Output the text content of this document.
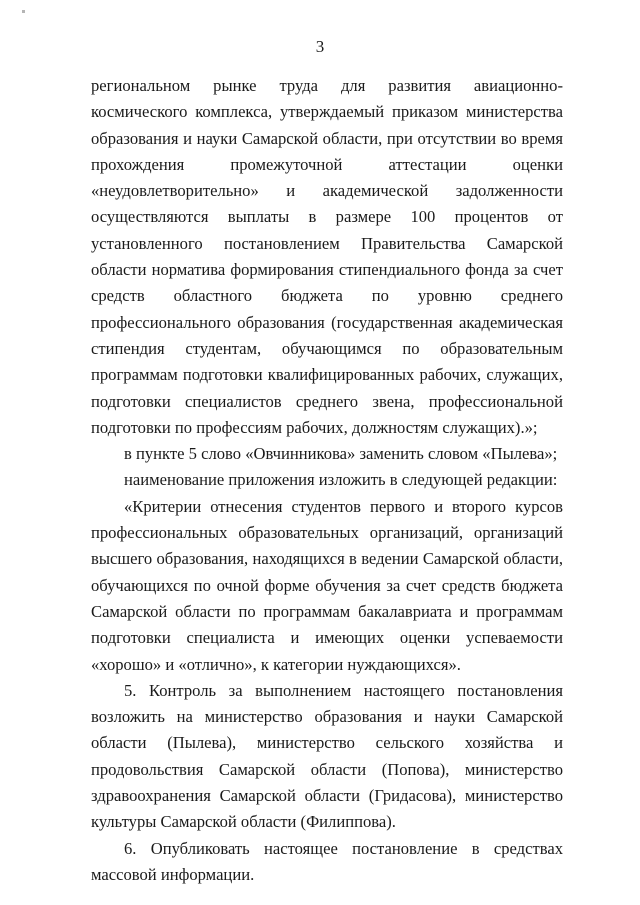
3

региональном рынке труда для развития авиационно-космического комплекса, утверждаемый приказом министерства образования и науки Самарской области, при отсутствии во время прохождения промежуточной аттестации оценки «неудовлетворительно» и академической задолженности осуществляются выплаты в размере 100 процентов от установленного постановлением Правительства Самарской области норматива формирования стипендиального фонда за счет средств областного бюджета по уровню среднего профессионального образования (государственная академическая стипендия студентам, обучающимся по образовательным программам подготовки квалифицированных рабочих, служащих, подготовки специалистов среднего звена, профессиональной подготовки по профессиям рабочих, должностям служащих).»;

в пункте 5 слово «Овчинникова» заменить словом «Пылева»;

наименование приложения изложить в следующей редакции:

«Критерии отнесения студентов первого и второго курсов профессиональных образовательных организаций, организаций высшего образования, находящихся в ведении Самарской области, обучающихся по очной форме обучения за счет средств бюджета Самарской области по программам бакалавриата и программам подготовки специалиста и имеющих оценки успеваемости «хорошо» и «отлично», к категории нуждающихся».

5. Контроль за выполнением настоящего постановления возложить на министерство образования и науки Самарской области (Пылева), министерство сельского хозяйства и продовольствия Самарской области (Попова), министерство здравоохранения Самарской области (Гридасова), министерство культуры Самарской области (Филиппова).

6. Опубликовать настоящее постановление в средствах массовой информации.
